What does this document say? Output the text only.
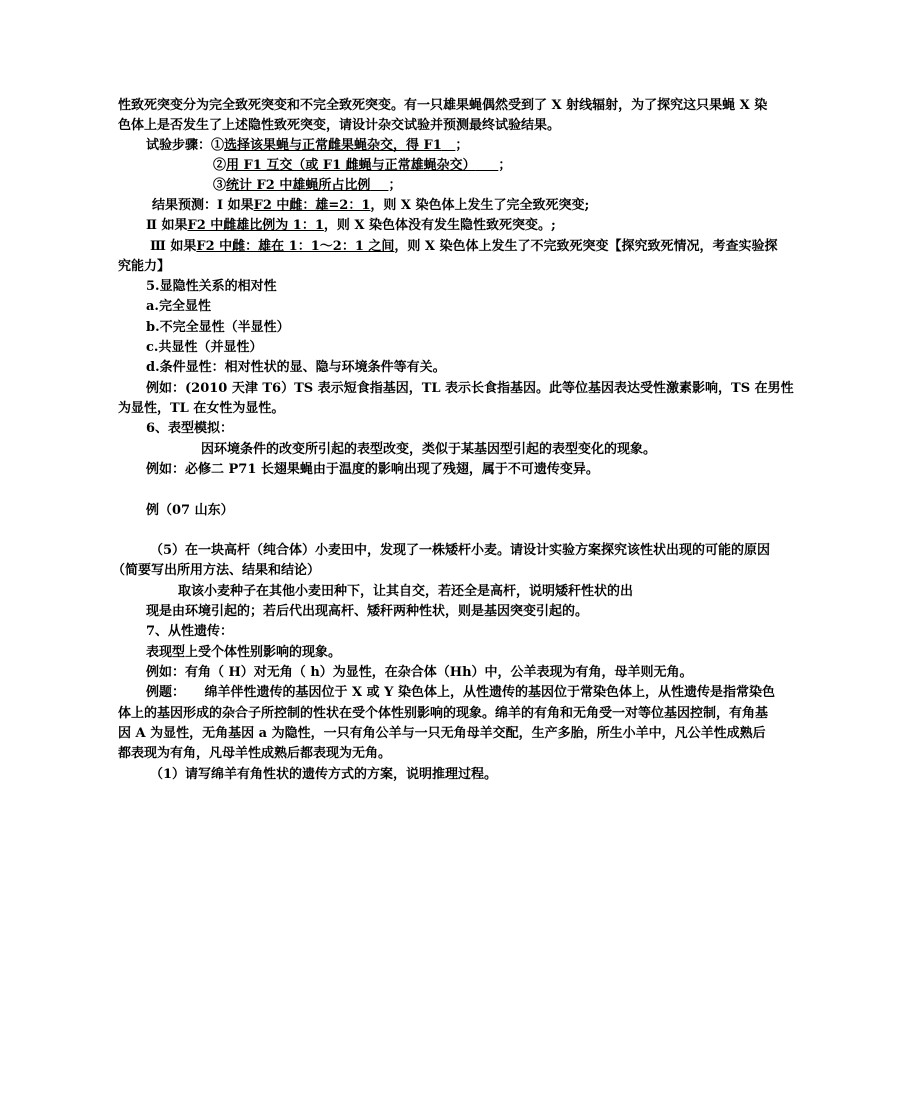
性致死突变分为完全致死突变和不完全致死突变。有一只雄果蝇偶然受到了 X 射线辐射，为了探究这只果蝇 X 染
色体上是否发生了上述隐性致死突变，请设计杂交试验并预测最终试验结果。
试验步骤：①选择该果蝇与正常雌果蝇杂交，得 F1 ；
②用 F1 互交（或 F1 雌蝇与正常雄蝇杂交） ；
③统计 F2 中雄蝇所占比例 ；
结果预测：Ⅰ 如果F2 中雌：雄=2：1，则 X 染色体上发生了完全致死突变;
Ⅱ 如果F2 中雌雄比例为 1：1，则 X 染色体没有发生隐性致死突变。;
Ⅲ 如果F2 中雌：雄在 1：1～2：1 之间，则 X 染色体上发生了不完致死突变【探究致死情况，考查实验探
究能力】
5.显隐性关系的相对性
a.完全显性
b.不完全显性（半显性）
c.共显性（并显性）
d.条件显性：相对性状的显、隐与环境条件等有关。
例如：(2010 天津 T6）TS 表示短食指基因，TL 表示长食指基因。此等位基因表达受性激素影响，TS 在男性
为显性，TL 在女性为显性。
6、表型模拟：
因环境条件的改变所引起的表型改变，类似于某基因型引起的表型变化的现象。
例如：必修二 P71 长翅果蝇由于温度的影响出现了残翅，属于不可遗传变异。
例（07 山东）
（5）在一块高杆（纯合体）小麦田中，发现了一株矮杆小麦。请设计实验方案探究该性状出现的可能的原因
（简要写出所用方法、结果和结论）
取该小麦种子在其他小麦田种下，让其自交，若还全是高杆，说明矮秆性状的出
现是由环境引起的；若后代出现高杆、矮秆两种性状，则是基因突变引起的。
7、从性遗传：
表现型上受个体性别影响的现象。
例如：有角（ H）对无角（ h）为显性，在杂合体（Hh）中，公羊表现为有角，母羊则无角。
例题：　　绵羊伴性遗传的基因位于 X 或 Y 染色体上，从性遗传的基因位于常染色体上，从性遗传是指常染色
体上的基因形成的杂合子所控制的性状在受个体性别影响的现象。绵羊的有角和无角受一对等位基因控制，有角基
因 A 为显性，无角基因 a 为隐性，一只有角公羊与一只无角母羊交配，生产多胎，所生小羊中，凡公羊性成熟后
都表现为有角，凡母羊性成熟后都表现为无角。
（1）请写绵羊有角性状的遗传方式的方案，说明推理过程。
